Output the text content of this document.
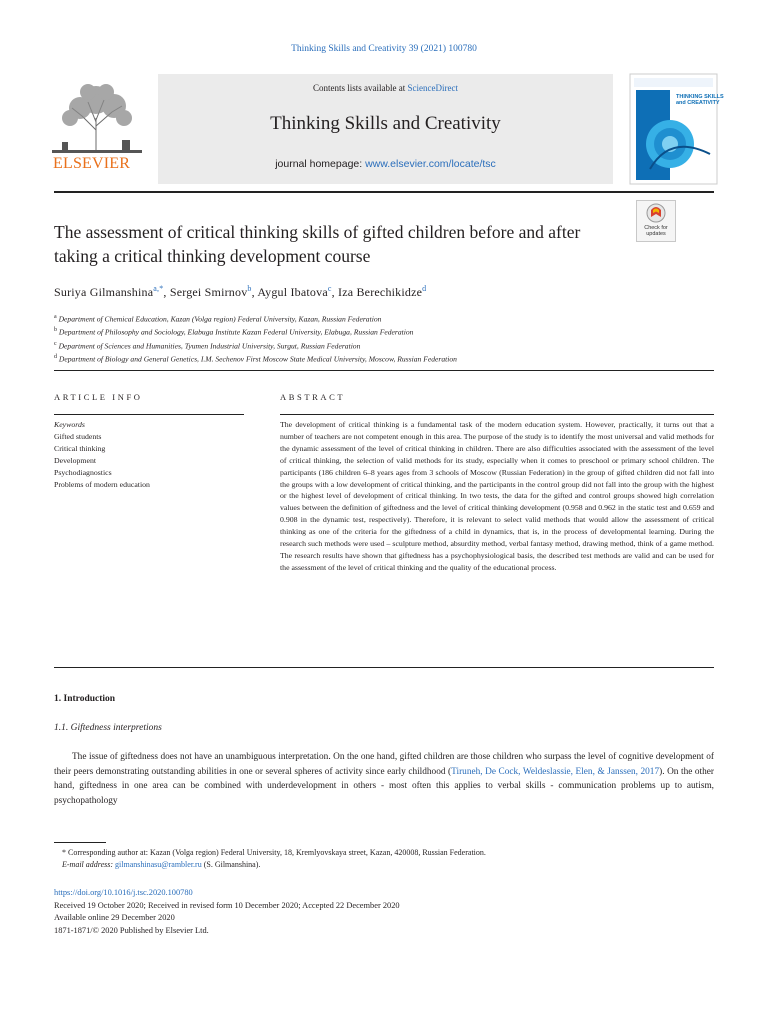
Thinking Skills and Creativity 39 (2021) 100780
Contents lists available at ScienceDirect
Thinking Skills and Creativity
journal homepage: www.elsevier.com/locate/tsc
ELSEVIER
THINKING SKILLS
and CREATIVITY
Check for updates
The assessment of critical thinking skills of gifted children before and after taking a critical thinking development course
Suriya Gilmanshina$^{a,*}$, Sergei Smirnov$^b$, Aygul Ibatova$^c$, Iza Berechikidze$^d$
$^a$ Department of Chemical Education, Kazan (Volga region) Federal University, Kazan, Russian Federation
$^b$ Department of Philosophy and Sociology, Elabuga Institute Kazan Federal University, Elabuga, Russian Federation
$^c$ Department of Sciences and Humanities, Tyumen Industrial University, Surgut, Russian Federation
$^d$ Department of Biology and General Genetics, I.M. Sechenov First Moscow State Medical University, Moscow, Russian Federation
ARTICLE INFO	ABSTRACT
Keywords
Gifted students
Critical thinking
Development
Psychodiagnostics
Problems of modern education
The development of critical thinking is a fundamental task of the modern education system. However, practically, it turns out that a number of teachers are not competent enough in this area. The purpose of the study is to identify the most universal and valid methods for the dynamic assessment of the level of critical thinking in children. There are also difficulties associated with the assessment of the level of critical thinking, the selection of valid methods for its study, especially when it comes to preschool or primary school children. The participants (186 children 6–8 years ages from 3 schools of Moscow (Russian Federation) in the group of gifted children did not fall into the groups with a low development of critical thinking, and the participants in the control group did not fall into the group with the highest or the highest level of development of critical thinking. In two tests, the data for the gifted and control groups showed high correlation values between the definition of giftedness and the level of critical thinking development (0.958 and 0.962 in the static test and 0.659 and 0.908 in the dynamic test, respectively). Therefore, it is relevant to select valid methods that would allow the assessment of critical thinking as one of the criteria for the giftedness of a child in dynamics, that is, in the process of developmental learning. During the research such methods were used – sculpture method, absurdity method, verbal fantasy method, drawing method, think of a game method. The research results have shown that giftedness has a psychophysiological basis, the described test methods are valid and can be used for the assessment of the level of critical thinking and the quality of the educational process.
1. Introduction
1.1. Giftedness interpretions
The issue of giftedness does not have an unambiguous interpretation. On the one hand, gifted children are those children who surpass the level of cognitive development of their peers demonstrating outstanding abilities in one or several spheres of activity since early childhood (Tiruneh, De Cock, Weldeslassie, Elen, & Janssen, 2017). On the other hand, giftedness in one area can be combined with underdevelopment in others - most often this applies to verbal skills - communication problems up to autism, psychopathology
* Corresponding author at: Kazan (Volga region) Federal University, 18, Kremlyovskaya street, Kazan, 420008, Russian Federation.
E-mail address: gilmanshinasu@rambler.ru (S. Gilmanshina).
https://doi.org/10.1016/j.tsc.2020.100780
Received 19 October 2020; Received in revised form 10 December 2020; Accepted 22 December 2020
Available online 29 December 2020
1871-1871/© 2020 Published by Elsevier Ltd.
